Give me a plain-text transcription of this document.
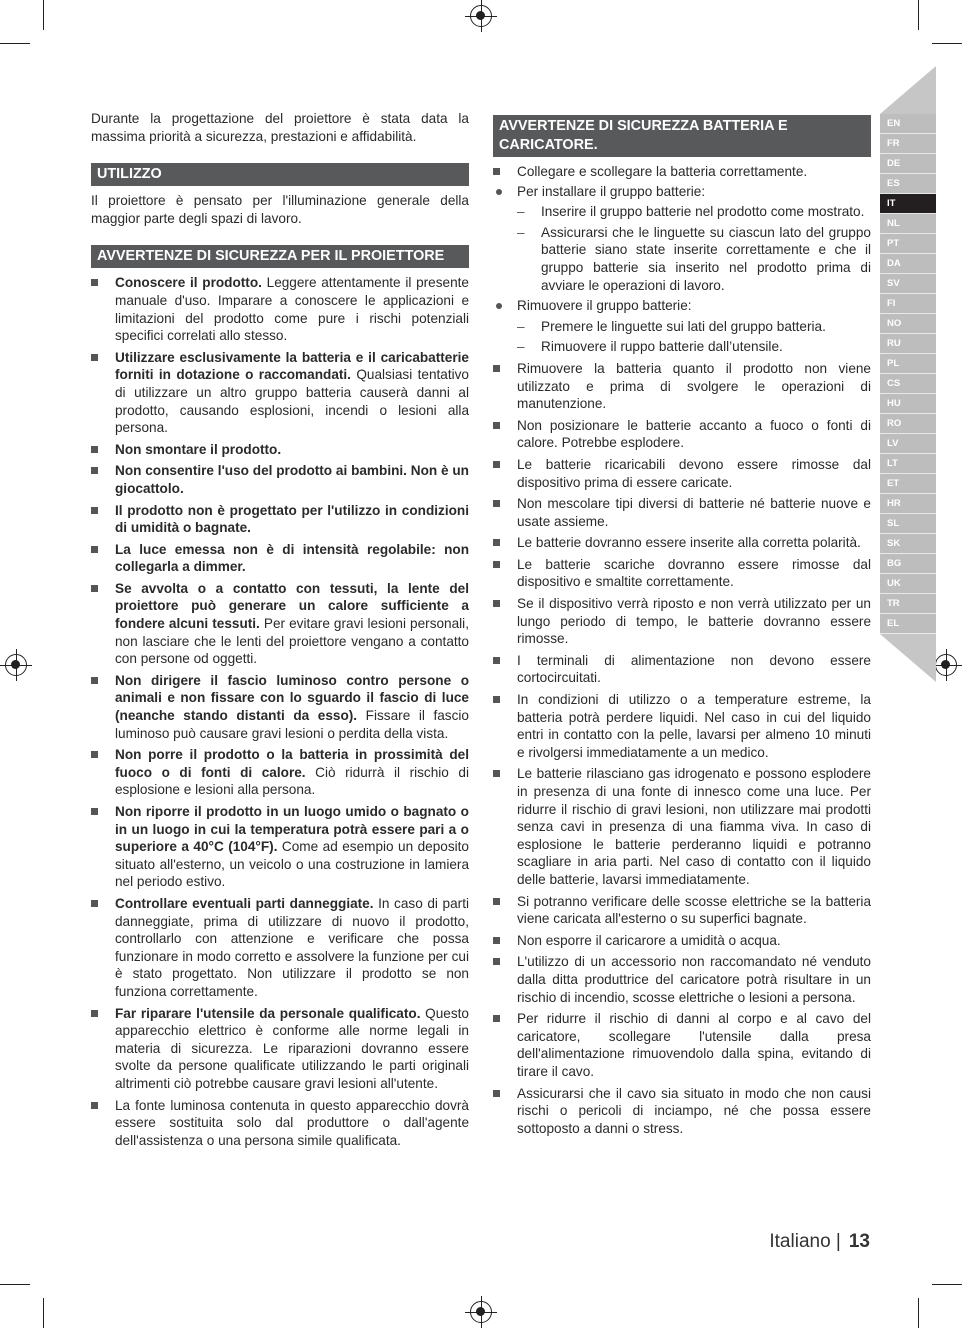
Durante la progettazione del proiettore è stata data la massima priorità a sicurezza, prestazioni e affidabilità.

UTILIZZO

Il proiettore è pensato per l'illuminazione generale della maggior parte degli spazi di lavoro.

AVVERTENZE DI SICUREZZA PER IL PROIETTORE
Conoscere il prodotto. Leggere attentamente il presente manuale d'uso. Imparare a conoscere le applicazioni e limitazioni del prodotto come pure i rischi potenziali specifici correlati allo stesso.
Utilizzare esclusivamente la batteria e il caricabatterie forniti in dotazione o raccomandati. Qualsiasi tentativo di utilizzare un altro gruppo batteria causerà danni al prodotto, causando esplosioni, incendi o lesioni alla persona.
Non smontare il prodotto.
Non consentire l'uso del prodotto ai bambini. Non è un giocattolo.
Il prodotto non è progettato per l'utilizzo in condizioni di umidità o bagnate.
La luce emessa non è di intensità regolabile: non collegarla a dimmer.
Se avvolta o a contatto con tessuti, la lente del proiettore può generare un calore sufficiente a fondere alcuni tessuti. Per evitare gravi lesioni personali, non lasciare che le lenti del proiettore vengano a contatto con persone od oggetti.
Non dirigere il fascio luminoso contro persone o animali e non fissare con lo sguardo il fascio di luce (neanche stando distanti da esso). Fissare il fascio luminoso può causare gravi lesioni o perdita della vista.
Non porre il prodotto o la batteria in prossimità del fuoco o di fonti di calore. Ciò ridurrà il rischio di esplosione e lesioni alla persona.
Non riporre il prodotto in un luogo umido o bagnato o in un luogo in cui la temperatura potrà essere pari a o superiore a 40°C (104°F). Come ad esempio un deposito situato all'esterno, un veicolo o una costruzione in lamiera nel periodo estivo.
Controllare eventuali parti danneggiate. In caso di parti danneggiate, prima di utilizzare di nuovo il prodotto, controllarlo con attenzione e verificare che possa funzionare in modo corretto e assolvere la funzione per cui è stato progettato. Non utilizzare il prodotto se non funziona correttamente.
Far riparare l'utensile da personale qualificato. Questo apparecchio elettrico è conforme alle norme legali in materia di sicurezza. Le riparazioni dovranno essere svolte da persone qualificate utilizzando le parti originali altrimenti ciò potrebbe causare gravi lesioni all'utente.
La fonte luminosa contenuta in questo apparecchio dovrà essere sostituita solo dal produttore o dall'agente dell'assistenza o una persona simile qualificata.
AVVERTENZE DI SICUREZZA BATTERIA E CARICATORE.
Collegare e scollegare la batteria correttamente.
Per installare il gruppo batterie:
– Inserire il gruppo batterie nel prodotto come mostrato.
– Assicurarsi che le linguette su ciascun lato del gruppo batterie siano state inserite correttamente e che il gruppo batterie sia inserito nel prodotto prima di avviare le operazioni di lavoro.
Rimuovere il gruppo batterie:
– Premere le linguette sui lati del gruppo batteria.
– Rimuovere il ruppo batterie dall’utensile.
Rimuovere la batteria quanto il prodotto non viene utilizzato e prima di svolgere le operazioni di manutenzione.
Non posizionare le batterie accanto a fuoco o fonti di calore. Potrebbe esplodere.
Le batterie ricaricabili devono essere rimosse dal dispositivo prima di essere caricate.
Non mescolare tipi diversi di batterie né batterie nuove e usate assieme.
Le batterie dovranno essere inserite alla corretta polarità.
Le batterie scariche dovranno essere rimosse dal dispositivo e smaltite correttamente.
Se il dispositivo verrà riposto e non verrà utilizzato per un lungo periodo di tempo, le batterie dovranno essere rimosse.
I terminali di alimentazione non devono essere cortocircuitati.
In condizioni di utilizzo o a temperature estreme, la batteria potrà perdere liquidi. Nel caso in cui del liquido entri in contatto con la pelle, lavarsi per almeno 10 minuti e rivolgersi immediatamente a un medico.
Le batterie rilasciano gas idrogenato e possono esplodere in presenza di una fonte di innesco come una luce. Per ridurre il rischio di gravi lesioni, non utilizzare mai prodotti senza cavi in presenza di una fiamma viva. In caso di esplosione le batterie perderanno liquidi e potranno scagliare in aria parti. Nel caso di contatto con il liquido delle batterie, lavarsi immediatamente.
Si potranno verificare delle scosse elettriche se la batteria viene caricata all'esterno o su superfici bagnate.
Non esporre il caricarore a umidità o acqua.
L'utilizzo di un accessorio non raccomandato né venduto dalla ditta produttrice del caricatore potrà risultare in un rischio di incendio, scosse elettriche o lesioni a persona.
Per ridurre il rischio di danni al corpo e al cavo del caricatore, scollegare l'utensile dalla presa dell'alimentazione rimuovendolo dalla spina, evitando di tirare il cavo.
Assicurarsi che il cavo sia situato in modo che non causi rischi o pericoli di inciampo, né che possa essere sottoposto a danni o stress.
EN
FR
DE
ES
IT
NL
PT
DA
SV
FI
NO
RU
PL
CS
HU
RO
LV
LT
ET
HR
SL
SK
BG
UK
TR
EL
Italiano | 13
